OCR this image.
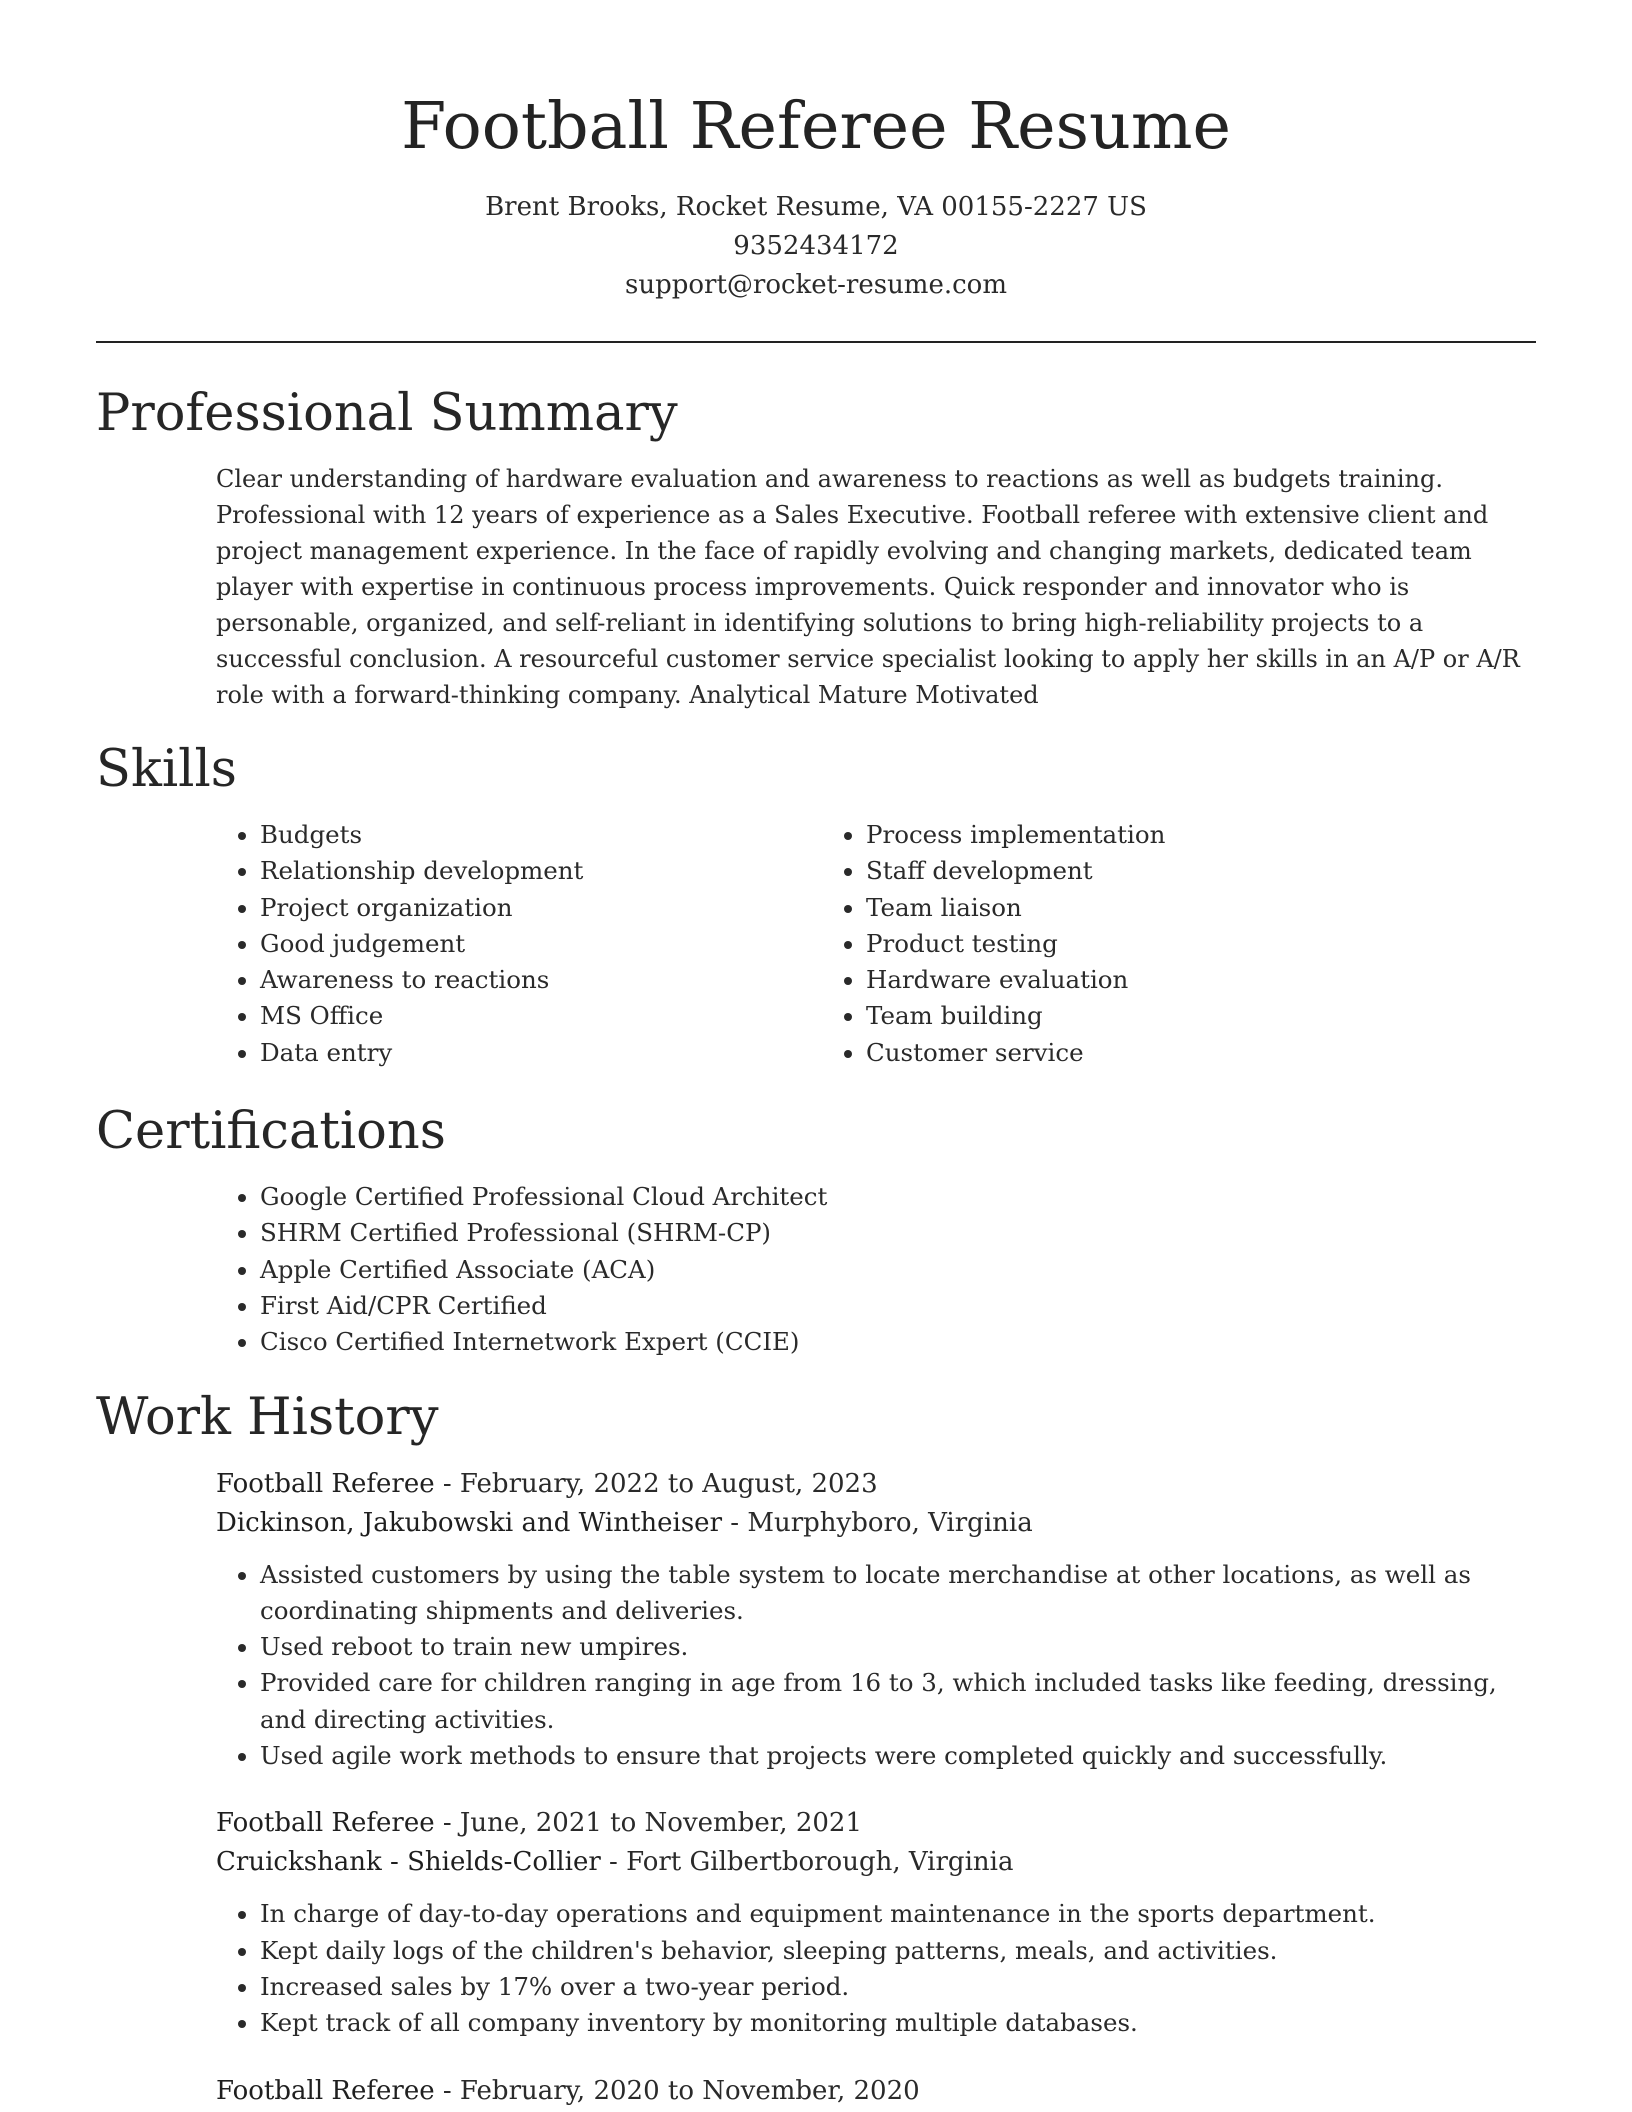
Football Referee Resume
Brent Brooks, Rocket Resume, VA 00155-2227 US
9352434172
support@rocket-resume.com
Professional Summary

Clear understanding of hardware evaluation and awareness to reactions as well as budgets training. Professional with 12 years of experience as a Sales Executive. Football referee with extensive client and project management experience. In the face of rapidly evolving and changing markets, dedicated team player with expertise in continuous process improvements. Quick responder and innovator who is personable, organized, and self-reliant in identifying solutions to bring high-reliability projects to a successful conclusion. A resourceful customer service specialist looking to apply her skills in an A/P or A/R role with a forward-thinking company. Analytical Mature Motivated

Skills
• Budgets
• Relationship development
• Project organization
• Good judgement
• Awareness to reactions
• MS Office
• Data entry
• Process implementation
• Staff development
• Team liaison
• Product testing
• Hardware evaluation
• Team building
• Customer service
Certifications
• Google Certified Professional Cloud Architect
• SHRM Certified Professional (SHRM-CP)
• Apple Certified Associate (ACA)
• First Aid/CPR Certified
• Cisco Certified Internetwork Expert (CCIE)
Work History
Football Referee - February, 2022 to August, 2023
Dickinson, Jakubowski and Wintheiser - Murphyboro, Virginia
• Assisted customers by using the table system to locate merchandise at other locations, as well as coordinating shipments and deliveries.
• Used reboot to train new umpires.
• Provided care for children ranging in age from 16 to 3, which included tasks like feeding, dressing, and directing activities.
• Used agile work methods to ensure that projects were completed quickly and successfully.
Football Referee - June, 2021 to November, 2021
Cruickshank - Shields-Collier - Fort Gilbertborough, Virginia
• In charge of day-to-day operations and equipment maintenance in the sports department.
• Kept daily logs of the children's behavior, sleeping patterns, meals, and activities.
• Increased sales by 17% over a two-year period.
• Kept track of all company inventory by monitoring multiple databases.
Football Referee - February, 2020 to November, 2020
